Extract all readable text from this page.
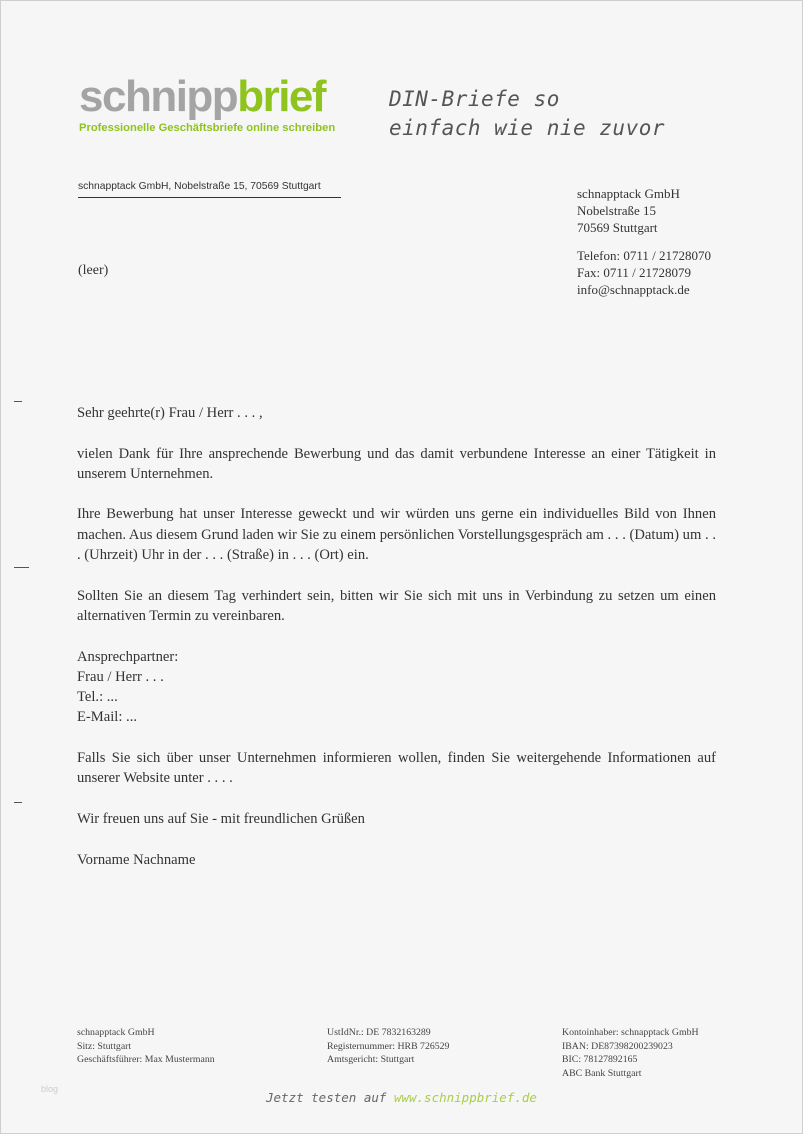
schnippbrief
Professionelle Geschäftsbriefe online schreiben
DIN-Briefe so
einfach wie nie zuvor
schnapptack GmbH, Nobelstraße 15, 70569 Stuttgart
(leer)
schnapptack GmbH
Nobelstraße 15
70569 Stuttgart
Telefon: 0711 / 21728070
Fax: 0711 / 21728079
info@schnapptack.de

Sehr geehrte(r) Frau / Herr . . . ,

vielen Dank für Ihre ansprechende Bewerbung und das damit verbundene Interesse an einer Tätigkeit in unserem Unternehmen.

Ihre Bewerbung hat unser Interesse geweckt und wir würden uns gerne ein individuelles Bild von Ihnen machen. Aus diesem Grund laden wir Sie zu einem persönlichen Vorstellungsgespräch am . . . (Datum) um . . . (Uhrzeit) Uhr in der . . . (Straße) in . . . (Ort) ein.

Sollten Sie an diesem Tag verhindert sein, bitten wir Sie sich mit uns in Verbindung zu setzen um einen alternativen Termin zu vereinbaren.

Ansprechpartner:

Frau / Herr . . .

Tel.: ...

E-Mail: ...

Falls Sie sich über unser Unternehmen informieren wollen, finden Sie weitergehende Informationen auf unserer Website unter . . . .

Wir freuen uns auf Sie - mit freundlichen Grüßen

Vorname Nachname

schnapptack GmbH
Sitz: Stuttgart
Geschäftsführer: Max Mustermann
UstIdNr.: DE 7832163289
Registernummer: HRB 726529
Amtsgericht: Stuttgart
Kontoinhaber: schnapptack GmbH
IBAN: DE87398200239023
BIC: 78127892165
ABC Bank Stuttgart
blog
Jetzt testen auf www.schnippbrief.de
